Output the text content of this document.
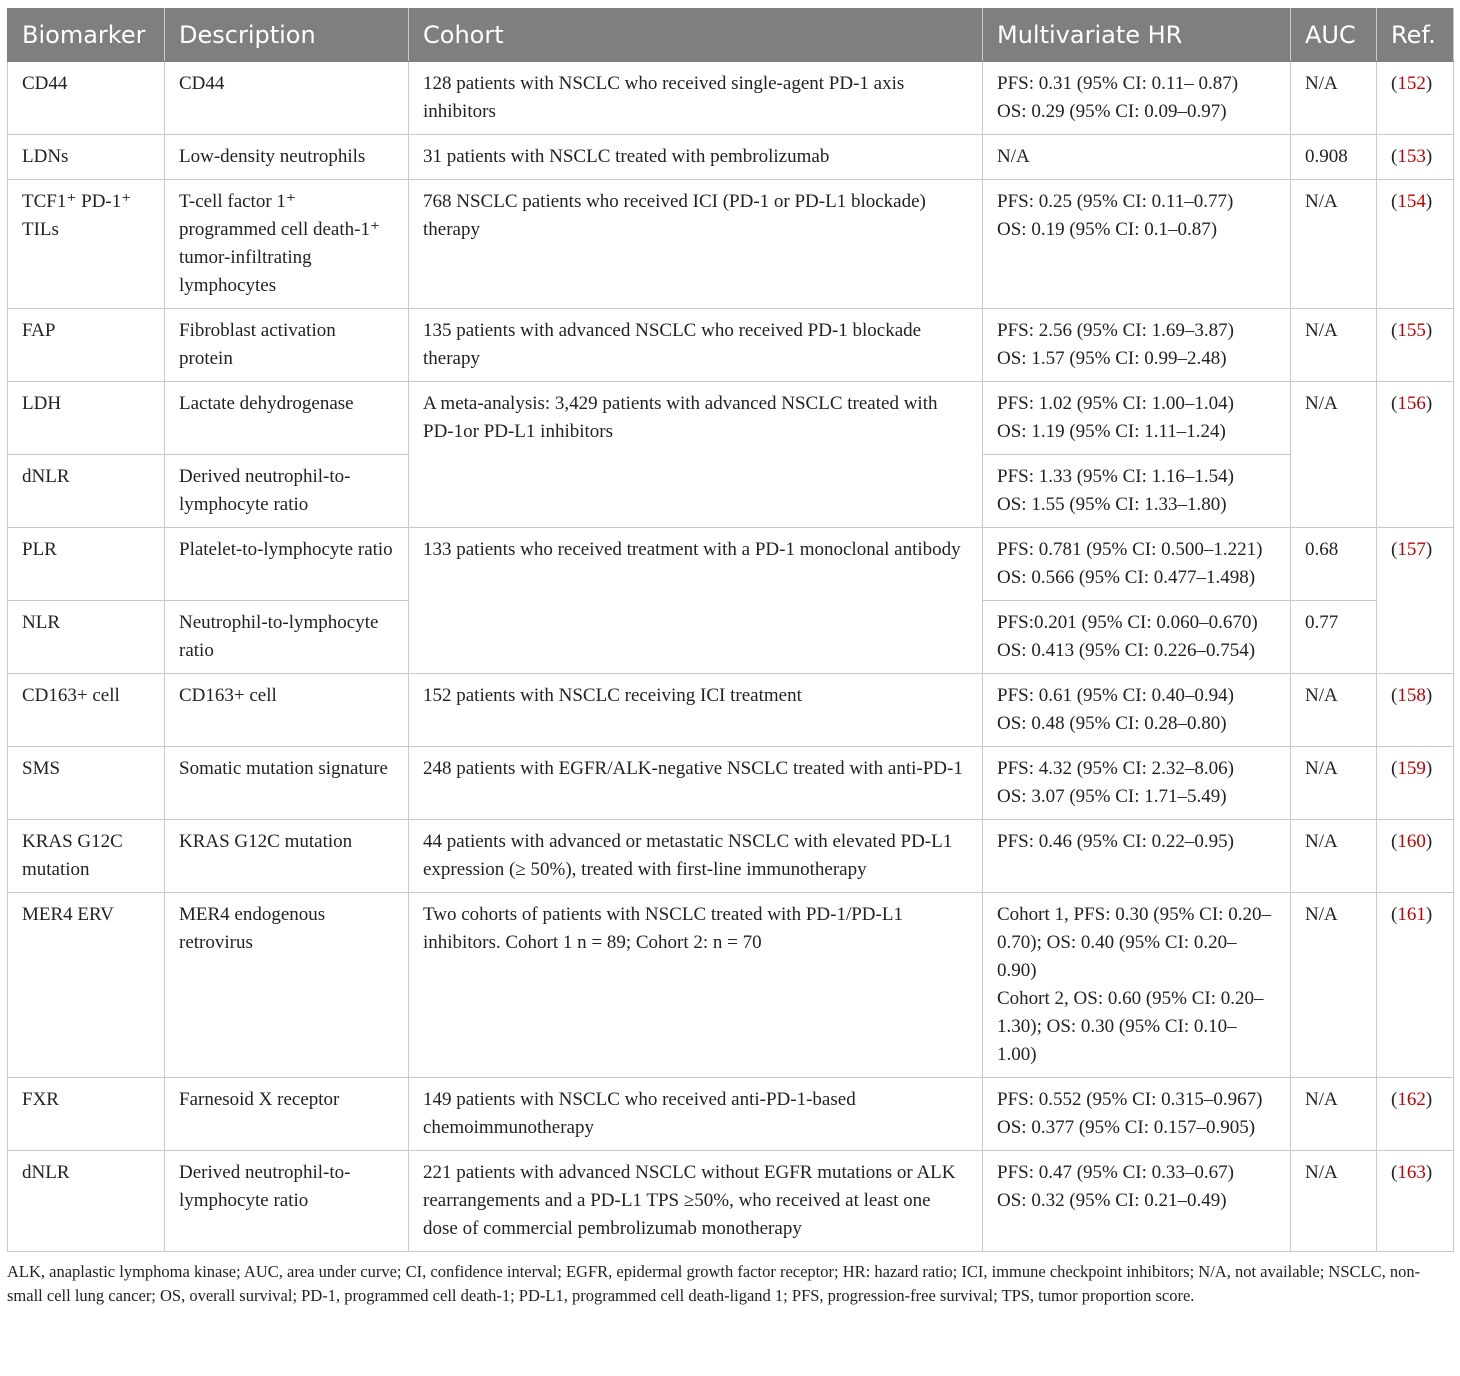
Biomarker	Description	Cohort	Multivariate HR	AUC	Ref.
CD44	CD44	128 patients with NSCLC who received single-agent PD-1 axis inhibitors	PFS: 0.31 (95% CI: 0.11– 0.87)
OS: 0.29 (95% CI: 0.09–0.97)	N/A	(152)
LDNs	Low-density neutrophils	31 patients with NSCLC treated with pembrolizumab	N/A	0.908	(153)
TCF1⁺ PD-1⁺ TILs	T-cell factor 1⁺ programmed cell death-1⁺ tumor-infiltrating lymphocytes	768 NSCLC patients who received ICI (PD-1 or PD-L1 blockade) therapy	PFS: 0.25 (95% CI: 0.11–0.77)
OS: 0.19 (95% CI: 0.1–0.87)	N/A	(154)
FAP	Fibroblast activation protein	135 patients with advanced NSCLC who received PD-1 blockade therapy	PFS: 2.56 (95% CI: 1.69–3.87)
OS: 1.57 (95% CI: 0.99–2.48)	N/A	(155)
LDH	Lactate dehydrogenase	A meta-analysis: 3,429 patients with advanced NSCLC treated with PD-1or PD-L1 inhibitors	PFS: 1.02 (95% CI: 1.00–1.04)
OS: 1.19 (95% CI: 1.11–1.24)	N/A	(156)
dNLR	Derived neutrophil-to-lymphocyte ratio		PFS: 1.33 (95% CI: 1.16–1.54)
OS: 1.55 (95% CI: 1.33–1.80)		

PLR	Platelet-to-lymphocyte ratio	133 patients who received treatment with a PD-1 monoclonal antibody	PFS: 0.781 (95% CI: 0.500–1.221)
OS: 0.566 (95% CI: 0.477–1.498)	0.68	(157)
NLR	Neutrophil-to-lymphocyte ratio		PFS:0.201 (95% CI: 0.060–0.670)
OS: 0.413 (95% CI: 0.226–0.754)	0.77	
CD163+ cell	CD163+ cell	152 patients with NSCLC receiving ICI treatment	PFS: 0.61 (95% CI: 0.40–0.94)
OS: 0.48 (95% CI: 0.28–0.80)	N/A	(158)
SMS	Somatic mutation signature	248 patients with EGFR/ALK-negative NSCLC treated with anti-PD-1	PFS: 4.32 (95% CI: 2.32–8.06)
OS: 3.07 (95% CI: 1.71–5.49)	N/A	(159)
KRAS G12C mutation	KRAS G12C mutation	44 patients with advanced or metastatic NSCLC with elevated PD-L1 expression (≥ 50%), treated with first-line immunotherapy	PFS: 0.46 (95% CI: 0.22–0.95)	N/A	(160)
MER4 ERV	MER4 endogenous retrovirus	Two cohorts of patients with NSCLC treated with PD-1/PD-L1 inhibitors. Cohort 1 n = 89; Cohort 2: n = 70	Cohort 1, PFS: 0.30 (95% CI: 0.20–0.70); OS: 0.40 (95% CI: 0.20–0.90)
Cohort 2, OS: 0.60 (95% CI: 0.20–1.30); OS: 0.30 (95% CI: 0.10–1.00)	N/A	(161)
FXR	Farnesoid X receptor	149 patients with NSCLC who received anti-PD-1-based chemoimmunotherapy	PFS: 0.552 (95% CI: 0.315–0.967)
OS: 0.377 (95% CI: 0.157–0.905)	N/A	(162)
dNLR	Derived neutrophil-to-lymphocyte ratio	221 patients with advanced NSCLC without EGFR mutations or ALK rearrangements and a PD-L1 TPS ≥50%, who received at least one dose of commercial pembrolizumab monotherapy	PFS: 0.47 (95% CI: 0.33–0.67)
OS: 0.32 (95% CI: 0.21–0.49)	N/A	(163)
ALK, anaplastic lymphoma kinase; AUC, area under curve; CI, confidence interval; EGFR, epidermal growth factor receptor; HR: hazard ratio; ICI, immune checkpoint inhibitors; N/A, not available; NSCLC, non-small cell lung cancer; OS, overall survival; PD-1, programmed cell death-1; PD-L1, programmed cell death-ligand 1; PFS, progression-free survival; TPS, tumor proportion score.
